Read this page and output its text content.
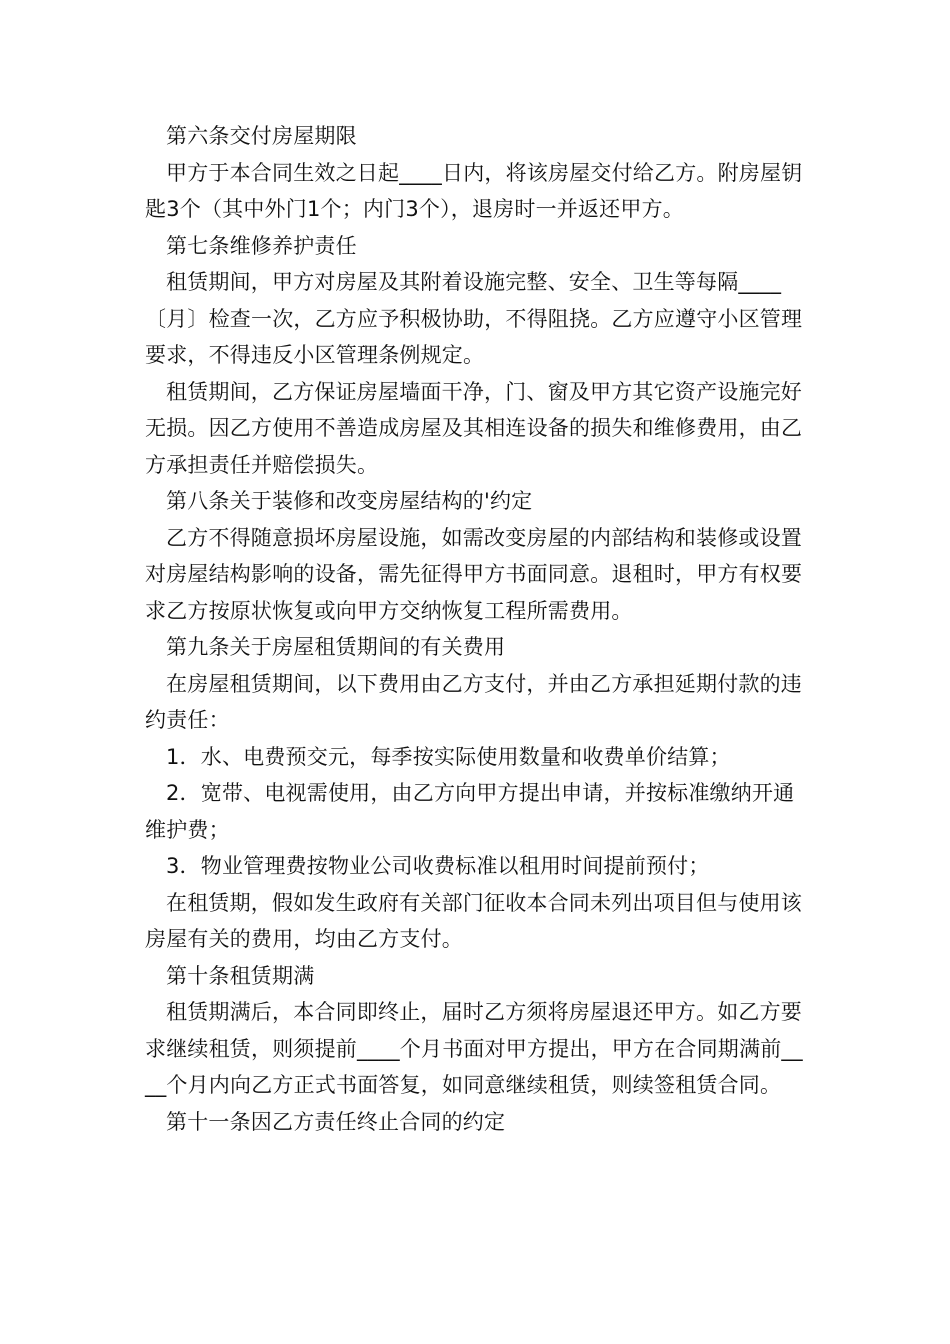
第六条交付房屋期限

甲方于本合同生效之日起____日内，将该房屋交付给乙方。附房屋钥匙3个（其中外门1个；内门3个），退房时一并返还甲方。

第七条维修养护责任

租赁期间，甲方对房屋及其附着设施完整、安全、卫生等每隔____〔月〕检查一次，乙方应予积极协助，不得阻挠。乙方应遵守小区管理要求，不得违反小区管理条例规定。

租赁期间，乙方保证房屋墙面干净，门、窗及甲方其它资产设施完好无损。因乙方使用不善造成房屋及其相连设备的损失和维修费用，由乙方承担责任并赔偿损失。

第八条关于装修和改变房屋结构的'约定

乙方不得随意损坏房屋设施，如需改变房屋的内部结构和装修或设置对房屋结构影响的设备，需先征得甲方书面同意。退租时，甲方有权要求乙方按原状恢复或向甲方交纳恢复工程所需费用。

第九条关于房屋租赁期间的有关费用

在房屋租赁期间，以下费用由乙方支付，并由乙方承担延期付款的违约责任：

1．水、电费预交元，每季按实际使用数量和收费单价结算；

2．宽带、电视需使用，由乙方向甲方提出申请，并按标准缴纳开通维护费；

3．物业管理费按物业公司收费标准以租用时间提前预付；

在租赁期，假如发生政府有关部门征收本合同未列出项目但与使用该房屋有关的费用，均由乙方支付。

第十条租赁期满

租赁期满后，本合同即终止，届时乙方须将房屋退还甲方。如乙方要求继续租赁，则须提前____个月书面对甲方提出，甲方在合同期满前____个月内向乙方正式书面答复，如同意继续租赁，则续签租赁合同。

第十一条因乙方责任终止合同的约定
